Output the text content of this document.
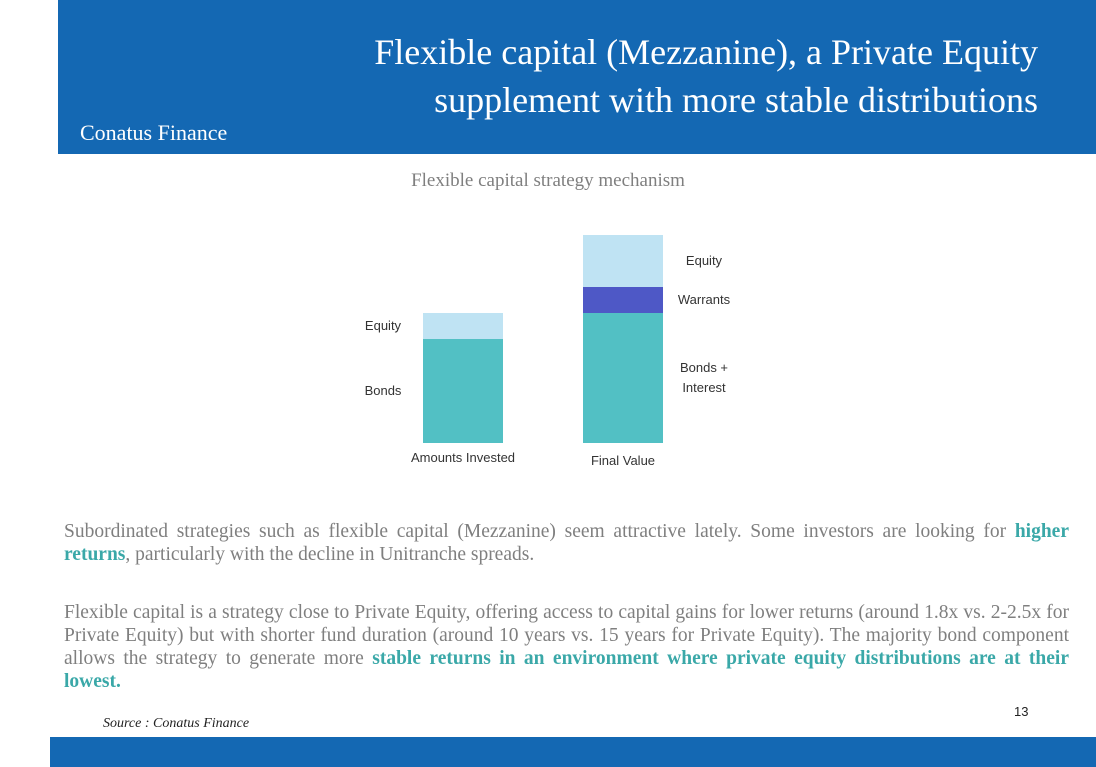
Flexible capital (Mezzanine), a Private Equity
supplement with more stable distributions
Conatus Finance
Flexible capital strategy mechanism
Bonds
Equity
Amounts Invested
Bonds + Interest
Warrants
Equity
Final Value
Subordinated strategies such as flexible capital (Mezzanine) seem attractive lately. Some investors are looking for higher returns, particularly with the decline in Unitranche spreads.
Flexible capital is a strategy close to Private Equity, offering access to capital gains for lower returns (around 1.8x vs. 2-2.5x for Private Equity) but with shorter fund duration (around 10 years vs. 15 years for Private Equity). The majority bond component allows the strategy to generate more stable returns in an environment where private equity distributions are at their lowest.
Source : Conatus Finance
13
